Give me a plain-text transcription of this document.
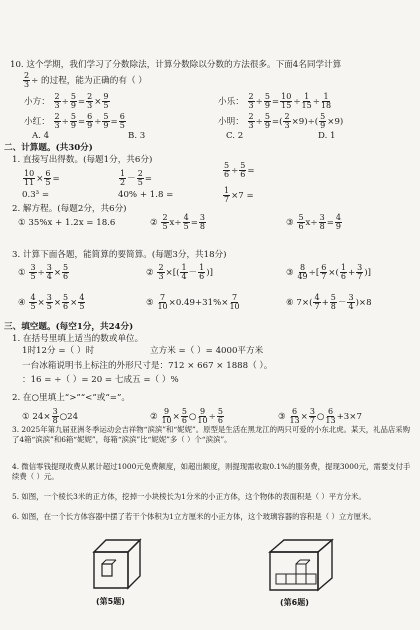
10. 这个学期，我们学习了分数除法，计算分数除以分数的方法很多。下面4名同学计算
$\frac{2}{3}$ ÷ 的过程，能为正确的有（ ）
小方： $\frac{2}{3} \div \frac{5}{9} = \frac{2}{3} \times \frac{9}{5}$	小乐： $\frac{2}{3} \div \frac{5}{9} = \frac{10}{15} \div \frac{1}{15} \div \frac{1}{18}$
小红： $\frac{2}{3} \div \frac{5}{9} = \frac{6}{9} \div \frac{5}{9} = \frac{6}{5}$	小明： $\frac{2}{3} \div \frac{5}{9}$ =( $\frac{2}{3} \times 9)\div( \frac{5}{9} \times 9)$
A. 4	B. 3	C. 2	D. 1
二、计算题。(共30分)
1. 直接写出得数。(每题1分，共6分)
$\frac{10}{11} \times \frac{6}{5}$ =	$\frac{1}{2} - \frac{2}{5}$ =	$\frac{5}{6} \div \frac{5}{6}$ =
0.3³ =	40% + 1.8 =	$\frac{1}{7} \times 7$ =
2. 解方程。(每题2分，共6分)
① 35%x + 1.2x = 18.6	② $\frac{2}{5} x\div \frac{4}{5} = \frac{3}{8}$	③ $\frac{5}{6} x\div \frac{3}{8} = \frac{4}{9}$
3. 计算下面各题，能简算的要简算。(每题3分，共18分)
① $\frac{3}{5} \div \frac{3}{4} \times \frac{5}{6}$	② $\frac{2}{3}$ ×[( $\frac{1}{4} - \frac{1}{6}$ )]	③ $\frac{8}{49}$ ÷[ $\frac{6}{7}$ ×( $\frac{1}{6} + \frac{3}{7}$ )]
④ $\frac{4}{5} \times \frac{3}{5} \times \frac{5}{6} \times \frac{4}{5}$	⑤ $\frac{7}{10} \times 0.49+31\%\times \frac{7}{10}$	⑥ $7\times( \frac{4}{7} + \frac{5}{8} - \frac{3}{4} )\times 8$
三、填空题。(每空1分，共24分)
1. 在括号里填上适当的数或单位。
1时12分 =（ ）时	立方米 =（ ）= 4000平方米
一台冰箱说明书上标注的外形尺寸是：712 × 667 × 1888（ ）。
：16 = ÷（ ）= 20 = 七成五 =（ ）%
2. 在○里填上“>”“<”或“=”。
① $24\times \frac{3}{8}$ ○24	② $\frac{9}{10} \times \frac{5}{6}$ ○ $\frac{9}{10} \div \frac{5}{6}$	③ $\frac{6}{13} \times \frac{3}{7}$ ○ $\frac{6}{13} +3\times 7$
3. 2025年第九届亚洲冬季运动会吉祥物“滨滨”和“妮妮”。原型是生活在黑龙江的两只可爱的小东北虎。某天，礼品店采购了4箱“滨滨”和6箱“妮妮”，每箱“滨滨”比“妮妮”多（ ）个“滨滨”。
4. 微信零钱提现收费从累计超过1000元免费额度，如超出额度，则提现需收取0.1%的服务费，提现3000元，需要支付手续费（ ）元。
5. 如图，一个棱长3米的正方体，挖掉一小块棱长为1分米的小正方体，这个物体的表面积是（ ）平方分米。
6. 如图，在一个长方体容器中摆了若干个体积为1立方厘米的小正方体，这个玻璃容器的容积是（ ）立方厘米。
(第5题)	(第6题)
